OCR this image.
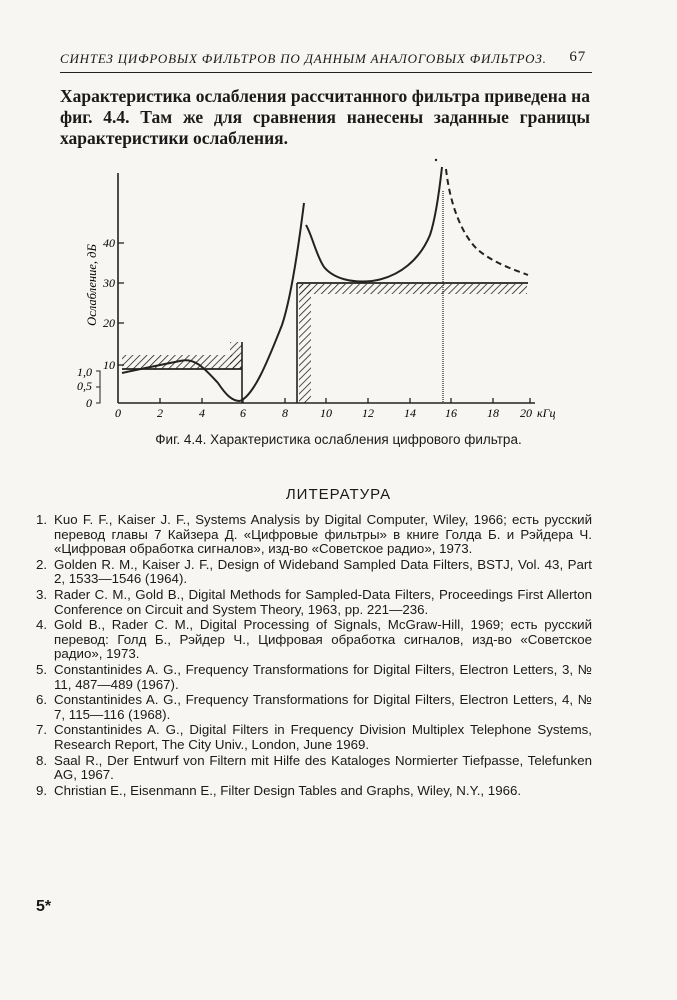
СИНТЕЗ ЦИФРОВЫХ ФИЛЬТРОВ ПО ДАННЫМ АНАЛОГОВЫХ ФИЛЬТРОЗ. 67
Характеристика ослабления рассчитанного фильтра приведена на фиг. 4.4. Там же для сравнения нанесены заданные границы характеристики ослабления.
40
30
20
10
1,0
0,5
0
Ослабление, дБ
0	2	4	6	8	10	12	14 16	18 20 кГц
Фиг. 4.4. Характеристика ослабления цифрового фильтра.
ЛИТЕРАТУРА
1. Kuo F. F., Kaiser J. F., Systems Analysis by Digital Computer, Wiley, 1966; есть русский перевод главы 7 Кайзера Д. «Цифровые фильтры» в книге Голда Б. и Рэйдера Ч. «Цифровая обработка сигналов», изд-во «Советское радио», 1973.
2. Golden R. M., Kaiser J. F., Design of Wideband Sampled Data Filters, BSTJ, Vol. 43, Part 2, 1533—1546 (1964).
3. Rader C. M., Gold B., Digital Methods for Sampled-Data Filters, Proceedings First Allerton Conference on Circuit and System Theory, 1963, pp. 221—236.
4. Gold B., Rader C. M., Digital Processing of Signals, McGraw-Hill, 1969; есть русский перевод: Голд Б., Рэйдер Ч., Цифровая обработка сигналов, изд-во «Советское радио», 1973.
5. Constantinides A. G., Frequency Transformations for Digital Filters, Electron Letters, 3, № 11, 487—489 (1967).
6. Constantinides A. G., Frequency Transformations for Digital Filters, Electron Letters, 4, № 7, 115—116 (1968).
7. Constantinides A. G., Digital Filters in Frequency Division Multiplex Telephone Systems, Research Report, The City Univ., London, June 1969.
8. Saal R., Der Entwurf von Filtern mit Hilfe des Kataloges Normierter Tiefpasse, Telefunken AG, 1967.
9. Christian E., Eisenmann E., Filter Design Tables and Graphs, Wiley, N.Y., 1966.
5*
